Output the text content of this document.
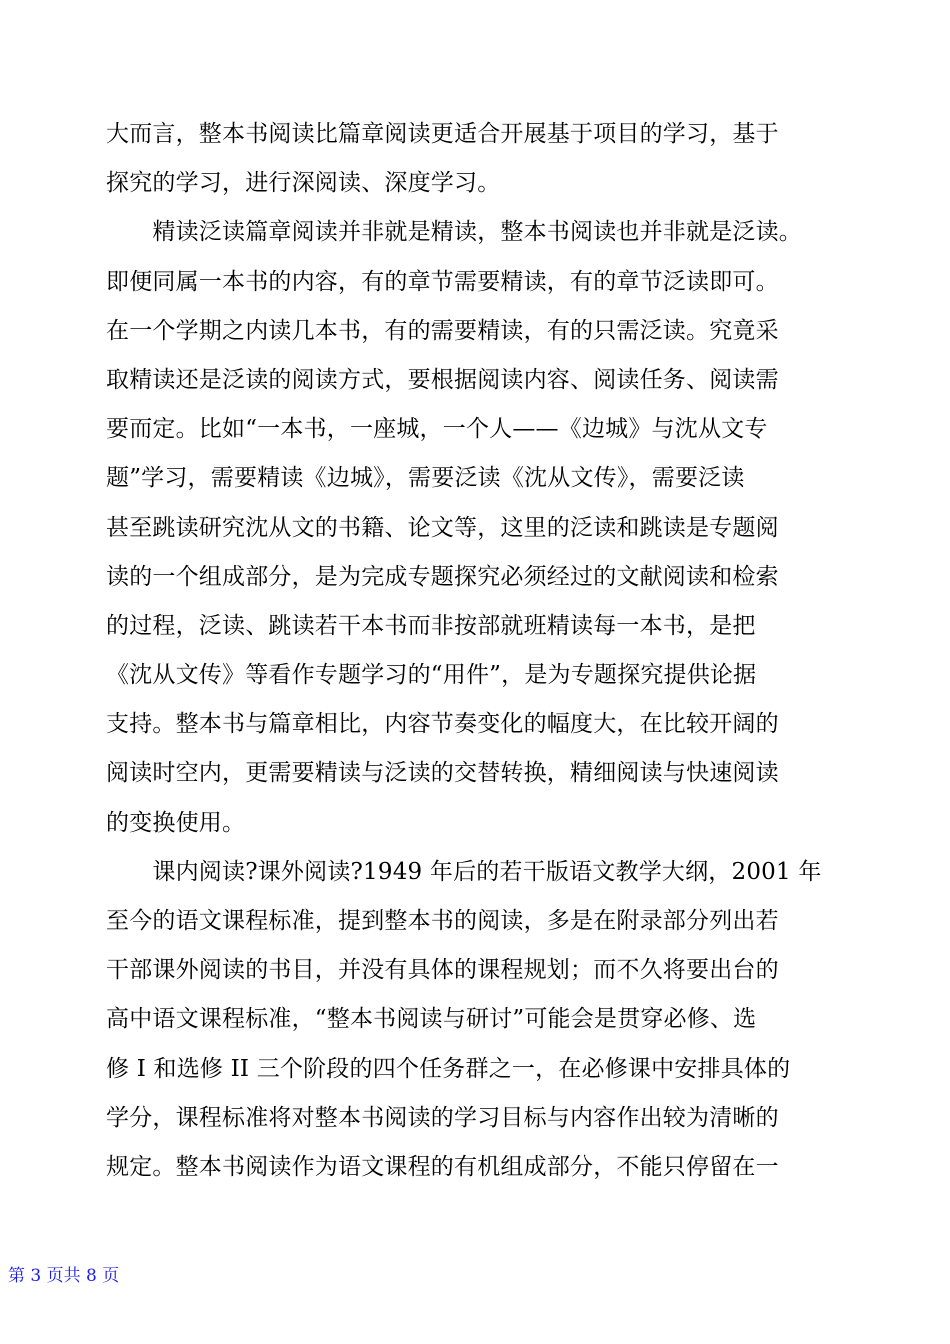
大而言，整本书阅读比篇章阅读更适合开展基于项目的学习，基于
探究的学习，进行深阅读、深度学习。
　　精读泛读篇章阅读并非就是精读，整本书阅读也并非就是泛读。
即便同属一本书的内容，有的章节需要精读，有的章节泛读即可。
在一个学期之内读几本书，有的需要精读，有的只需泛读。究竟采
取精读还是泛读的阅读方式，要根据阅读内容、阅读任务、阅读需
要而定。比如“一本书，一座城，一个人——《边城》与沈从文专
题”学习，需要精读《边城》，需要泛读《沈从文传》，需要泛读
甚至跳读研究沈从文的书籍、论文等，这里的泛读和跳读是专题阅
读的一个组成部分，是为完成专题探究必须经过的文献阅读和检索
的过程，泛读、跳读若干本书而非按部就班精读每一本书，是把
《沈从文传》等看作专题学习的“用件”，是为专题探究提供论据
支持。整本书与篇章相比，内容节奏变化的幅度大，在比较开阔的
阅读时空内，更需要精读与泛读的交替转换，精细阅读与快速阅读
的变换使用。
　　课内阅读?课外阅读?1949 年后的若干版语文教学大纲，2001 年
至今的语文课程标准，提到整本书的阅读，多是在附录部分列出若
干部课外阅读的书目，并没有具体的课程规划；而不久将要出台的
高中语文课程标准，“整本书阅读与研讨”可能会是贯穿必修、选
修 I 和选修 II 三个阶段的四个任务群之一，在必修课中安排具体的
学分，课程标准将对整本书阅读的学习目标与内容作出较为清晰的
规定。整本书阅读作为语文课程的有机组成部分，不能只停留在一
第 3 页共 8 页
